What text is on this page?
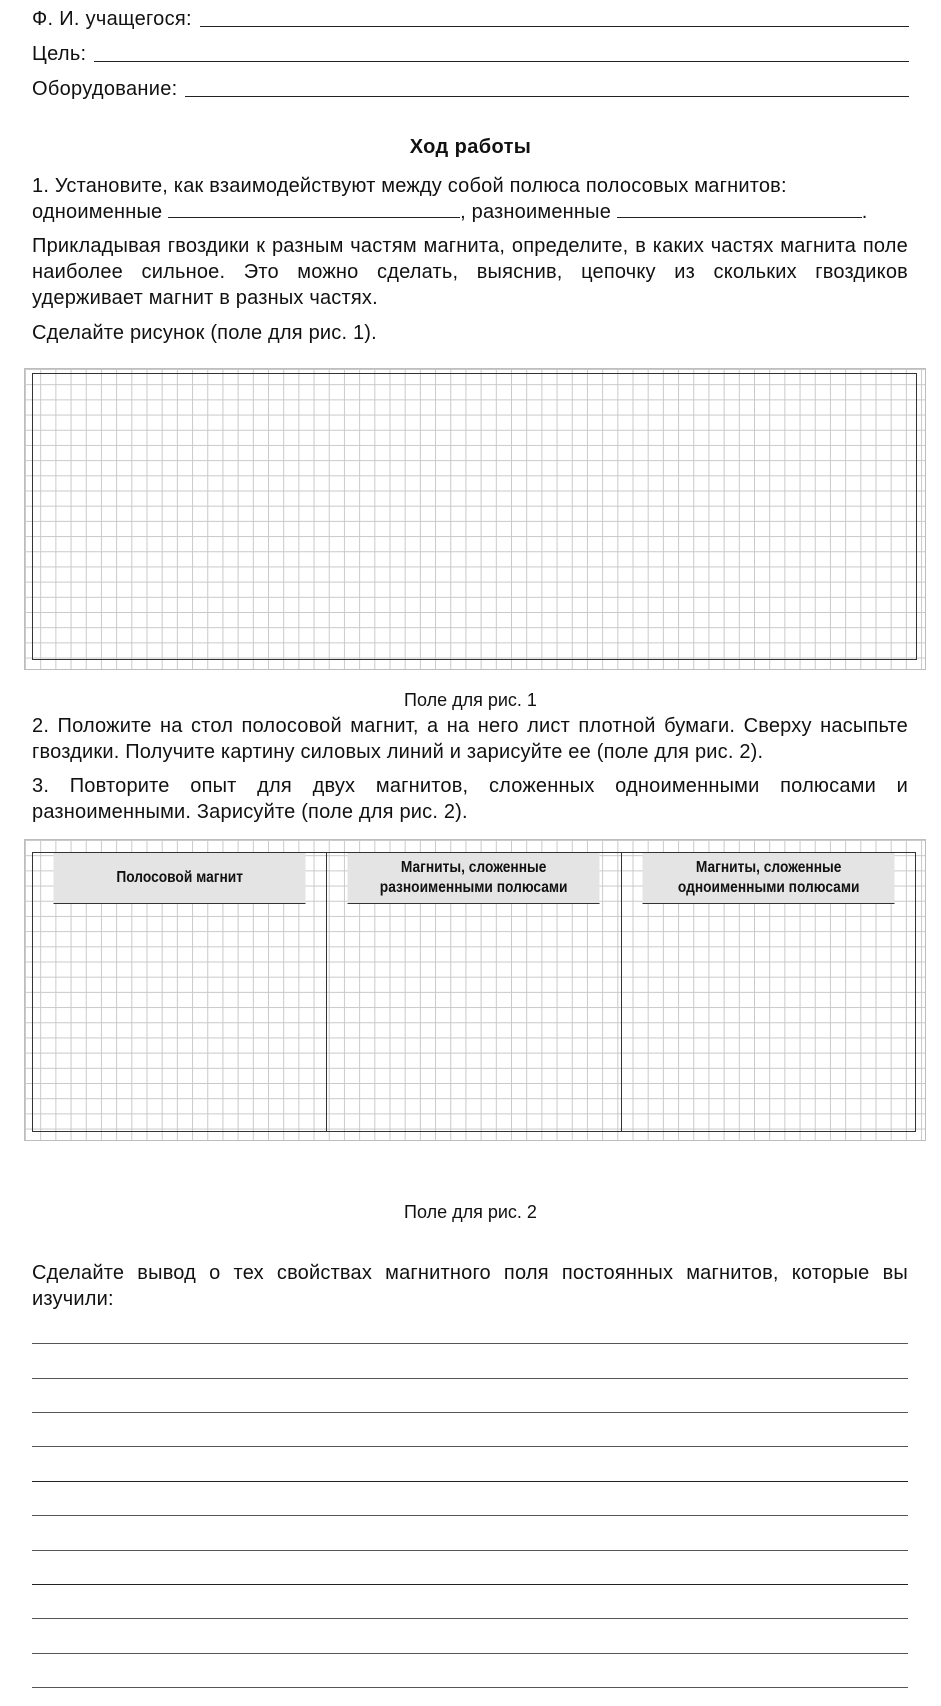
Ф. И. учащегося:
Цель:
Оборудование:
Ход работы
1. Установите, как взаимодействуют между собой полюса полосовых магнитов:
одноименные	, разноименные	.
Прикладывая гвоздики к разным частям магнита, определите, в каких частях магнита поле наиболее сильное. Это можно сделать, выяснив, цепочку из скольких гвоздиков удерживает магнит в разных частях.
Сделайте рисунок (поле для рис. 1).
Поле для рис. 1
2. Положите на стол полосовой магнит, а на него лист плотной бумаги. Сверху насыпьте гвоздики. Получите картину силовых линий и зарисуйте ее (поле для рис. 2).
3. Повторите опыт для двух магнитов, сложенных одноименными полюсами и разноименными. Зарисуйте (поле для рис. 2).
Полосовой магнит
Магниты, сложенные разноименными полюсами
Магниты, сложенные одноименными полюсами
Поле для рис. 2
Сделайте вывод о тех свойствах магнитного поля постоянных магнитов, которые вы изучили:
